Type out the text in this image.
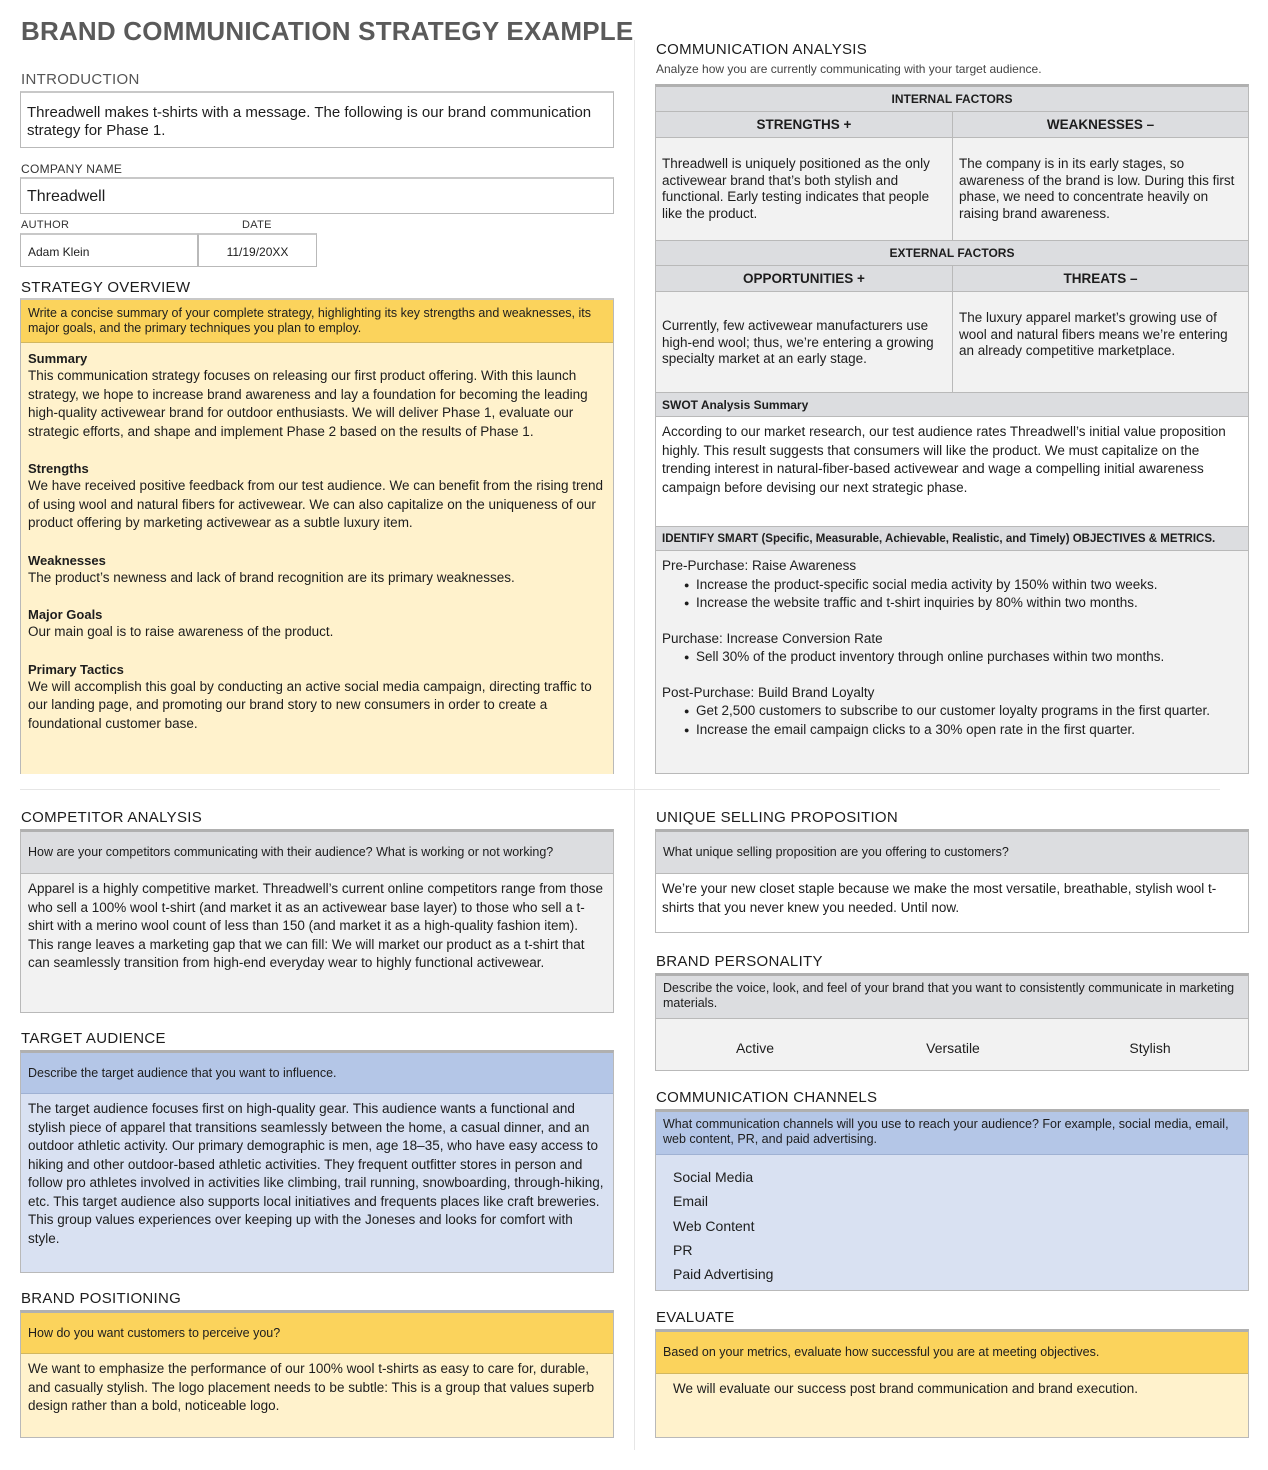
BRAND COMMUNICATION STRATEGY EXAMPLE
INTRODUCTION
Threadwell makes t-shirts with a message. The following is our brand communication strategy for Phase 1.
COMPANY NAME
Threadwell
AUTHOR	DATE
Adam Klein	11/19/20XX
STRATEGY OVERVIEW
Write a concise summary of your complete strategy, highlighting its key strengths and weaknesses, its major goals, and the primary techniques you plan to employ.
Summary
This communication strategy focuses on releasing our first product offering. With this launch strategy, we hope to increase brand awareness and lay a foundation for becoming the leading high-quality activewear brand for outdoor enthusiasts. We will deliver Phase 1, evaluate our strategic efforts, and shape and implement Phase 2 based on the results of Phase 1.
Strengths
We have received positive feedback from our test audience. We can benefit from the rising trend of using wool and natural fibers for activewear. We can also capitalize on the uniqueness of our product offering by marketing activewear as a subtle luxury item.
Weaknesses
The product’s newness and lack of brand recognition are its primary weaknesses.
Major Goals
Our main goal is to raise awareness of the product.
Primary Tactics
We will accomplish this goal by conducting an active social media campaign, directing traffic to our landing page, and promoting our brand story to new consumers in order to create a foundational customer base.
COMMUNICATION ANALYSIS
Analyze how you are currently communicating with your target audience.
INTERNAL FACTORS
STRENGTHS +	WEAKNESSES –
Threadwell is uniquely positioned as the only activewear brand that’s both stylish and functional. Early testing indicates that people like the product.
The company is in its early stages, so awareness of the brand is low. During this first phase, we need to concentrate heavily on raising brand awareness.
EXTERNAL FACTORS
OPPORTUNITIES +	THREATS –
Currently, few activewear manufacturers use high-end wool; thus, we’re entering a growing specialty market at an early stage.
The luxury apparel market’s growing use of wool and natural fibers means we’re entering an already competitive marketplace.
SWOT Analysis Summary
According to our market research, our test audience rates Threadwell’s initial value proposition highly. This result suggests that consumers will like the product. We must capitalize on the trending interest in natural-fiber-based activewear and wage a compelling initial awareness campaign before devising our next strategic phase.
IDENTIFY SMART (Specific, Measurable, Achievable, Realistic, and Timely) OBJECTIVES & METRICS.
Pre-Purchase: Raise Awareness
● Increase the product-specific social media activity by 150% within two weeks.
● Increase the website traffic and t-shirt inquiries by 80% within two months.
Purchase: Increase Conversion Rate
● Sell 30% of the product inventory through online purchases within two months.
Post-Purchase: Build Brand Loyalty
● Get 2,500 customers to subscribe to our customer loyalty programs in the first quarter.
● Increase the email campaign clicks to a 30% open rate in the first quarter.
COMPETITOR ANALYSIS
How are your competitors communicating with their audience? What is working or not working?
Apparel is a highly competitive market. Threadwell’s current online competitors range from those who sell a 100% wool t-shirt (and market it as an activewear base layer) to those who sell a t-shirt with a merino wool count of less than 150 (and market it as a high-quality fashion item). This range leaves a marketing gap that we can fill: We will market our product as a t-shirt that can seamlessly transition from high-end everyday wear to highly functional activewear.
TARGET AUDIENCE
Describe the target audience that you want to influence.
The target audience focuses first on high-quality gear. This audience wants a functional and stylish piece of apparel that transitions seamlessly between the home, a casual dinner, and an outdoor athletic activity. Our primary demographic is men, age 18–35, who have easy access to hiking and other outdoor-based athletic activities. They frequent outfitter stores in person and follow pro athletes involved in activities like climbing, trail running, snowboarding, through-hiking, etc. This target audience also supports local initiatives and frequents places like craft breweries. This group values experiences over keeping up with the Joneses and looks for comfort with style.
BRAND POSITIONING
How do you want customers to perceive you?
We want to emphasize the performance of our 100% wool t-shirts as easy to care for, durable, and casually stylish. The logo placement needs to be subtle: This is a group that values superb design rather than a bold, noticeable logo.
UNIQUE SELLING PROPOSITION
What unique selling proposition are you offering to customers?
We’re your new closet staple because we make the most versatile, breathable, stylish wool t-shirts that you never knew you needed. Until now.
BRAND PERSONALITY
Describe the voice, look, and feel of your brand that you want to consistently communicate in marketing materials.
Active	Versatile	Stylish
COMMUNICATION CHANNELS
What communication channels will you use to reach your audience? For example, social media, email, web content, PR, and paid advertising.
Social Media
Email
Web Content
PR
Paid Advertising
EVALUATE
Based on your metrics, evaluate how successful you are at meeting objectives.
We will evaluate our success post brand communication and brand execution.
